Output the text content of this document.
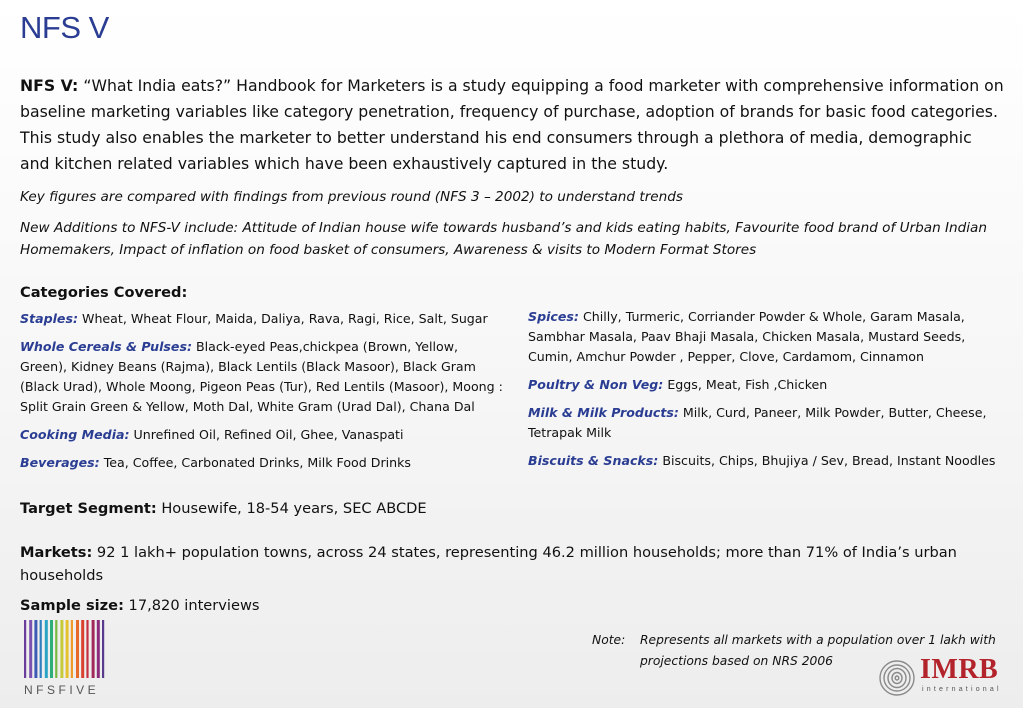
NFS V
NFS V: “What India eats?” Handbook for Marketers is a study equipping a food marketer with comprehensive information on baseline marketing variables like category penetration, frequency of purchase, adoption of brands for basic food categories. This study also enables the marketer to better understand his end consumers through a plethora of media, demographic and kitchen related variables which have been exhaustively captured in the study.
Key figures are compared with findings from previous round (NFS 3 – 2002) to understand trends
New Additions to NFS-V include: Attitude of Indian house wife towards husband’s and kids eating habits, Favourite food brand of Urban Indian Homemakers, Impact of inflation on food basket of consumers, Awareness & visits to Modern Format Stores
Categories Covered:
Staples: Wheat, Wheat Flour, Maida, Daliya, Rava, Ragi, Rice, Salt, Sugar
Whole Cereals & Pulses: Black-eyed Peas,chickpea (Brown, Yellow, Green), Kidney Beans (Rajma), Black Lentils (Black Masoor), Black Gram (Black Urad), Whole Moong, Pigeon Peas (Tur), Red Lentils (Masoor), Moong : Split Grain Green & Yellow, Moth Dal, White Gram (Urad Dal), Chana Dal
Cooking Media: Unrefined Oil, Refined Oil, Ghee, Vanaspati
Beverages: Tea, Coffee, Carbonated Drinks, Milk Food Drinks
Spices: Chilly, Turmeric, Corriander Powder & Whole, Garam Masala, Sambhar Masala, Paav Bhaji Masala, Chicken Masala, Mustard Seeds, Cumin, Amchur Powder , Pepper, Clove, Cardamom, Cinnamon
Poultry & Non Veg: Eggs, Meat, Fish ,Chicken
Milk & Milk Products: Milk, Curd, Paneer, Milk Powder, Butter, Cheese, Tetrapak Milk
Biscuits & Snacks: Biscuits, Chips, Bhujiya / Sev, Bread, Instant Noodles
Target Segment: Housewife, 18-54 years, SEC ABCDE
Markets: 92 1 lakh+ population towns, across 24 states, representing 46.2 million households; more than 71% of India’s urban households
Sample size: 17,820 interviews
Note:	Represents all markets with a population over 1 lakh with projections based on NRS 2006
NFSFIVE
IMRB
international
